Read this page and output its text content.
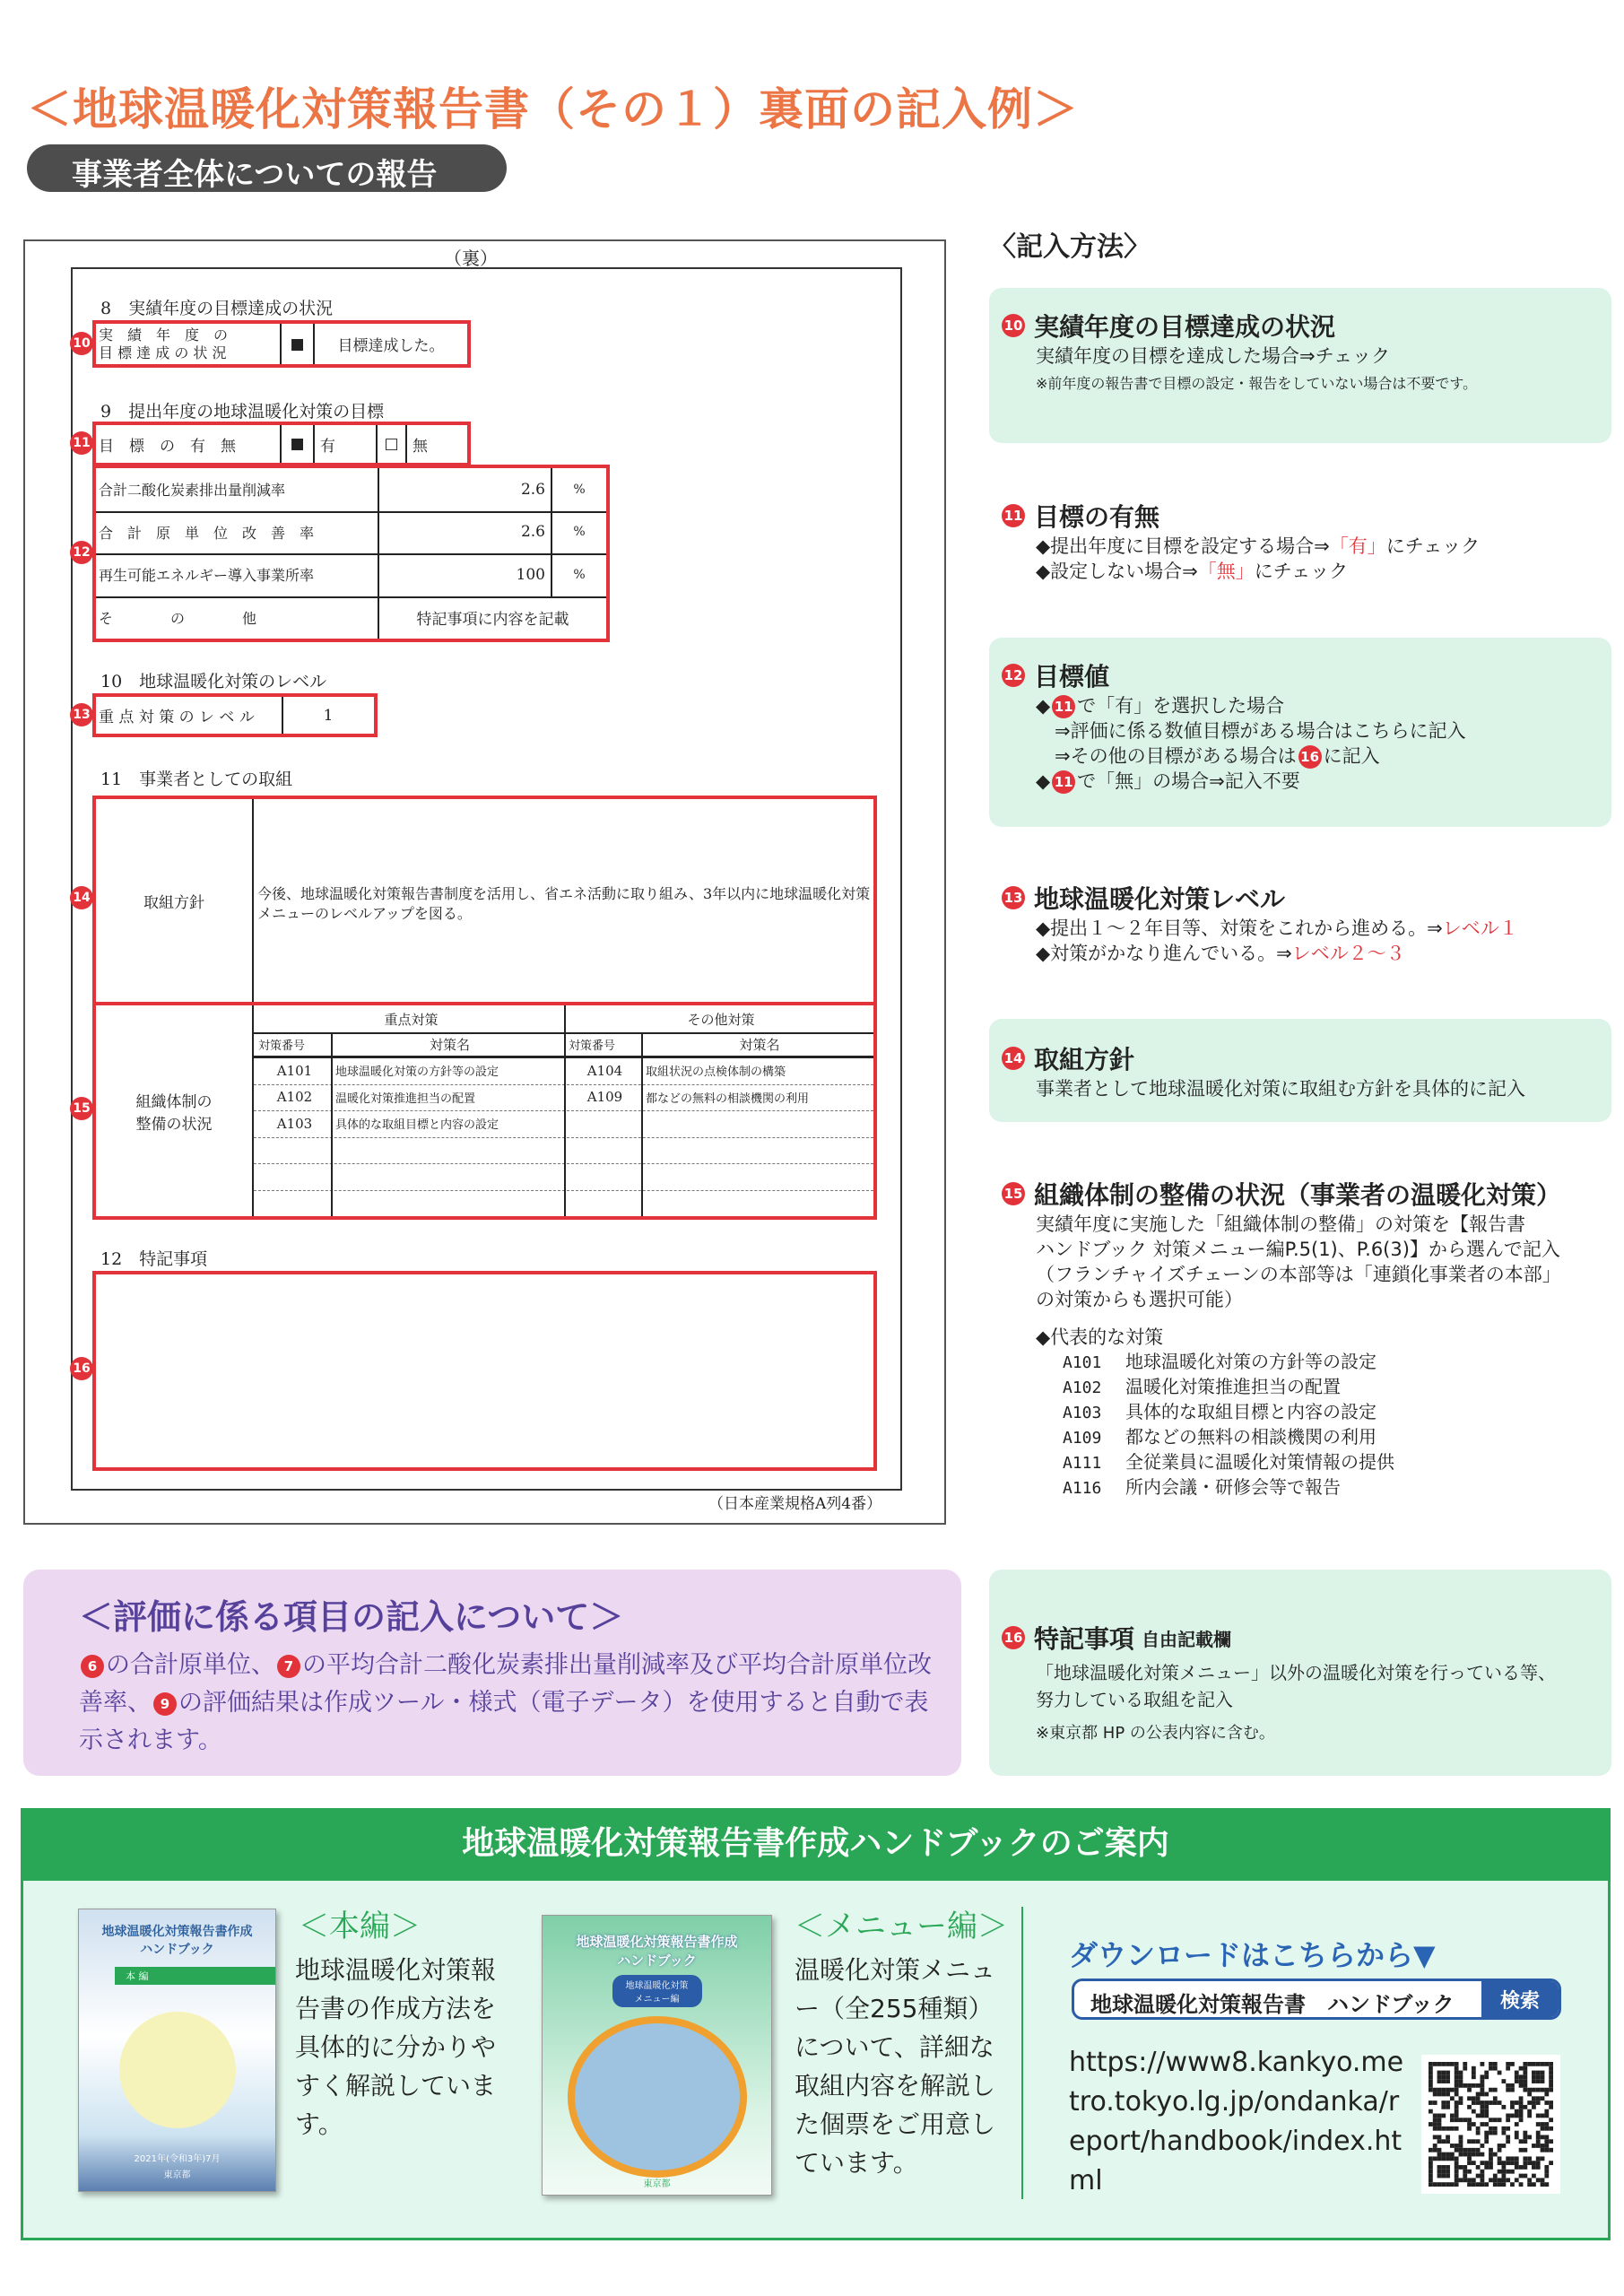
＜地球温暖化対策報告書（その１）裏面の記入例＞
事業者全体についての報告
（裏）
8　実績年度の目標達成の状況
実　績　年　度　の
目 標 達 成 の 状 況	■	目標達成した。
9　提出年度の地球温暖化対策の目標
目　標　の　有　無	■	有	□ 無
合計二酸化炭素排出量削減率	2.6	%
合　計　原　単　位　改　善　率	2.6	%
再生可能エネルギー導入事業所率	100	%
そ　　　　の　　　　他	特記事項に内容を記載
10　地球温暖化対策のレベル
重 点 対 策 の レ ベ ル	1
11　事業者としての取組
取組方針	今後、地球温暖化対策報告書制度を活用し、省エネ活動に取り組み、3年以内に地球温暖化対策メニューのレベルアップを図る。
組織体制の
整備の状況
重点対策	その他対策
対策番号	対策名	対策番号	対策名
A101	地球温暖化対策の方針等の設定	A104	取組状況の点検体制の構築
A102	温暖化対策推進担当の配置	A109	都などの無料の相談機関の利用
A103	具体的な取組目標と内容の設定
12　特記事項
（日本産業規格A列4番）
10
11
12
13
14
15
16
〈記入方法〉
10 実績年度の目標達成の状況
実績年度の目標を達成した場合⇒チェック
※前年度の報告書で目標の設定・報告をしていない場合は不要です。
11 目標の有無
◆提出年度に目標を設定する場合⇒「有」にチェック
◆設定しない場合⇒「無」にチェック
12 目標値
◆ 11 で「有」を選択した場合
　⇒評価に係る数値目標がある場合はこちらに記入
　⇒その他の目標がある場合は 16 に記入
◆ 11 で「無」の場合⇒記入不要
13 地球温暖化対策レベル
◆提出１～２年目等、対策をこれから進める。⇒レベル１
◆対策がかなり進んでいる。⇒レベル２～３
14 取組方針
事業者として地球温暖化対策に取組む方針を具体的に記入
15 組織体制の整備の状況（事業者の温暖化対策）
実績年度に実施した「組織体制の整備」の対策を【報告書
ハンドブック 対策メニュー編P.5(1)、P.6(3)】から選んで記入
（フランチャイズチェーンの本部等は「連鎖化事業者の本部」
の対策からも選択可能）
◆代表的な対策
A101 地球温暖化対策の方針等の設定
A102 温暖化対策推進担当の配置
A103 具体的な取組目標と内容の設定
A109 都などの無料の相談機関の利用
A111 全従業員に温暖化対策情報の提供
A116 所内会議・研修会等で報告
＜評価に係る項目の記入について＞
6 の合計原単位、 7 の平均合計二酸化炭素排出量削減率及び平均合計原単位改善率、 9 の評価結果は作成ツール・様式（電子データ）を使用すると自動で表示されます。
16 特記事項 自由記載欄
「地球温暖化対策メニュー」以外の温暖化対策を行っている等、
努力している取組を記入
※東京都 HP の公表内容に含む。
地球温暖化対策報告書作成ハンドブックのご案内
地球温暖化対策報告書作成
ハンドブック
本 編
2021年(令和3年)7月
東京都
＜本編＞
地球温暖化対策報告書の作成方法を具体的に分かりやすく解説しています。
地球温暖化対策報告書作成
ハンドブック
地球温暖化対策
メニュー編
東京都
＜メニュー編＞
温暖化対策メニュー（全255種類）について、詳細な取組内容を解説した個票をご用意しています。
ダウンロードはこちらから▼
地球温暖化対策報告書　ハンドブック	検索
https://www8.kankyo.metro.tokyo.lg.jp/ondanka/report/handbook/index.html
